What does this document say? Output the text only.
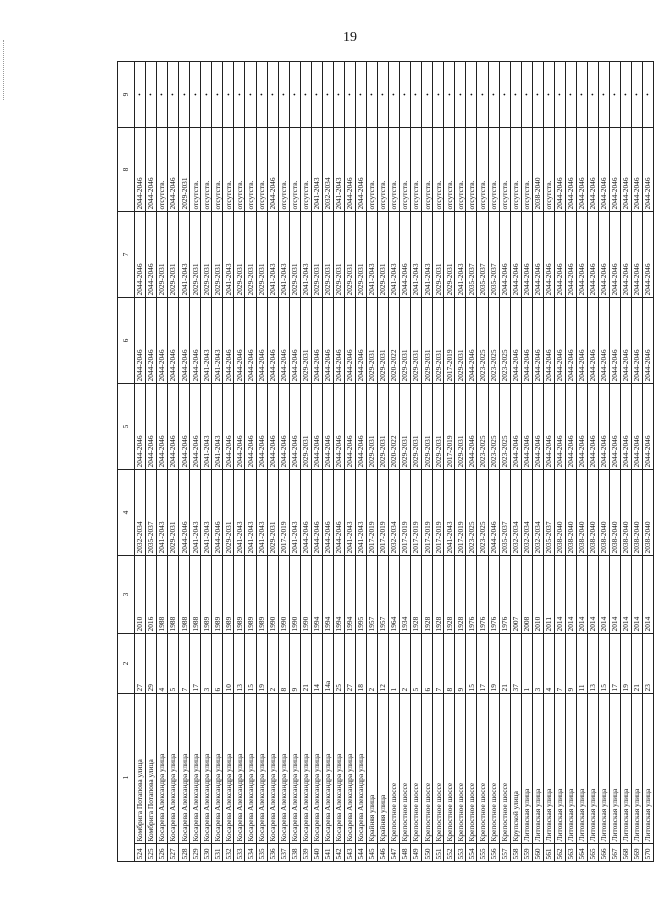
19
1		2	3	4	5	6	7	8	9
524	Комбрига Потапова улица	27	2010	2032-2034	2044-2046	2044-2046	2044-2046	2044-2046	•
525	Комбрига Потапова улица	29	2016	2035-2037	2044-2046	2044-2046	2044-2046	2044-2046	•
526	Косарева Александра улица	4	1988	2041-2043	2044-2046	2044-2046	2029-2031	отсутств.	•
527	Косарева Александра улица	5	1988	2029-2031	2044-2046	2044-2046	2029-2031	2044-2046	•
528	Косарева Александра улица	7	1988	2044-2046	2044-2046	2044-2046	2041-2043	2029-2031	•
529	Косарева Александра улица	17	1988	2041-2043	2044-2046	2044-2046	2029-2031	отсутств.	•
530	Косарева Александра улица	3	1989	2041-2043	2041-2043	2041-2043	2029-2031	отсутств.	•
531	Косарева Александра улица	6	1989	2044-2046	2041-2043	2041-2043	2029-2031	отсутств.	•
532	Косарева Александра улица	10	1989	2029-2031	2044-2046	2044-2046	2041-2043	отсутств.	•
533	Косарева Александра улица	13	1989	2041-2043	2044-2046	2044-2046	2029-2031	отсутств.	•
534	Косарева Александра улица	15	1989	2041-2043	2044-2046	2044-2046	2029-2031	отсутств.	•
535	Косарева Александра улица	19	1989	2041-2043	2044-2046	2044-2046	2029-2031	отсутств.	•
536	Косарева Александра улица	2	1990	2029-2031	2044-2046	2044-2046	2041-2043	2044-2046	•
537	Косарева Александра улица	8	1990	2017-2019	2044-2046	2044-2046	2041-2043	отсутств.	•
538	Косарева Александра улица	9	1990	2041-2043	2044-2046	2044-2046	2029-2031	отсутств.	•
539	Косарева Александра улица	21	1990	2044-2046	2029-2031	2029-2031	2041-2043	отсутств.	•
540	Косарева Александра улица	14	1994	2044-2046	2044-2046	2044-2046	2029-2031	2041-2043	•
541	Косарева Александра улица	14а	1994	2044-2046	2044-2046	2044-2046	2029-2031	2032-2034	•
542	Косарева Александра улица	25	1994	2044-2046	2044-2046	2044-2046	2029-2031	2041-2043	•
543	Косарева Александра улица	27	1994	2041-2043	2044-2046	2044-2046	2029-2031	2044-2046	•
544	Косарева Александра улица	18	1995	2041-2043	2044-2046	2044-2046	2029-2031	2044-2046	•
545	Крайняя улица	2	1957	2017-2019	2029-2031	2029-2031	2041-2043	отсутств.	•
546	Крайняя улица	12	1957	2017-2019	2029-2031	2029-2031	2029-2031	отсутств.	•
547	Крепостное шоссе	1	1964	2032-2034	2020-2022	2020-2022	2041-2043	отсутств.	•
548	Крепостное шоссе	2	1934	2017-2019	2029-2031	2029-2031	2044-2046	отсутств.	•
549	Крепостное шоссе	5	1928	2017-2019	2029-2031	2029-2031	2041-2043	отсутств.	•
550	Крепостное шоссе	6	1928	2017-2019	2029-2031	2029-2031	2041-2043	отсутств.	•
551	Крепостное шоссе	7	1928	2017-2019	2029-2031	2029-2031	2029-2031	отсутств.	•
552	Крепостное шоссе	8	1928	2041-2043	2017-2019	2017-2019	2029-2031	отсутств.	•
553	Крепостное шоссе	9	1928	2017-2019	2029-2031	2029-2031	2041-2043	отсутств.	•
554	Крепостное шоссе	15	1976	2023-2025	2044-2046	2044-2046	2035-2037	отсутств.	•
555	Крепостное шоссе	17	1976	2023-2025	2023-2025	2023-2025	2035-2037	отсутств.	•
556	Крепостное шоссе	19	1976	2044-2046	2023-2025	2023-2025	2035-2037	отсутств.	•
557	Крепостное шоссе	21	1976	2035-2037	2023-2025	2023-2025	2044-2046	отсутств.	•
558	Крупской улица	37	2007	2032-2034	2044-2046	2044-2046	2044-2046	отсутств.	•
559	Литовская улица	1	2008	2032-2034	2044-2046	2044-2046	2044-2046	отсутств.	•
560	Литовская улица	3	2010	2032-2034	2044-2046	2044-2046	2044-2046	2038-2040	•
561	Литовская улица	4	2011	2035-2037	2044-2046	2044-2046	2044-2046	отсутств.	•
562	Литовская улица	7	2014	2038-2040	2044-2046	2044-2046	2044-2046	2044-2046	•
563	Литовская улица	9	2014	2038-2040	2044-2046	2044-2046	2044-2046	2044-2046	•
564	Литовская улица	11	2014	2038-2040	2044-2046	2044-2046	2044-2046	2044-2046	•
565	Литовская улица	13	2014	2038-2040	2044-2046	2044-2046	2044-2046	2044-2046	•
566	Литовская улица	15	2014	2038-2040	2044-2046	2044-2046	2044-2046	2044-2046	•
567	Литовская улица	17	2014	2038-2040	2044-2046	2044-2046	2044-2046	2044-2046	•
568	Литовская улица	19	2014	2038-2040	2044-2046	2044-2046	2044-2046	2044-2046	•
569	Литовская улица	21	2014	2038-2040	2044-2046	2044-2046	2044-2046	2044-2046	•
570	Литовская улица	23	2014	2038-2040	2044-2046	2044-2046	2044-2046	2044-2046	•
